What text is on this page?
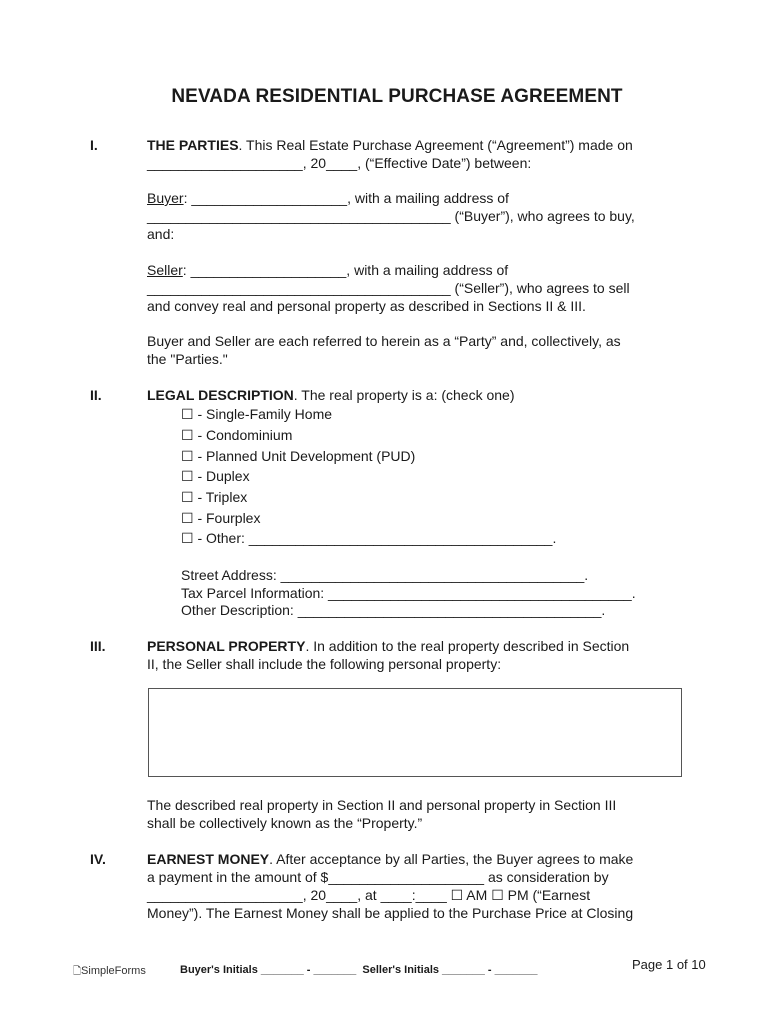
NEVADA RESIDENTIAL PURCHASE AGREEMENT
I.	THE PARTIES. This Real Estate Purchase Agreement (“Agreement”) made on
____________________, 20____, (“Effective Date”) between:
Buyer: ____________________, with a mailing address of
_______________________________________ (“Buyer”), who agrees to buy,
and:
Seller: ____________________, with a mailing address of
_______________________________________ (“Seller”), who agrees to sell
and convey real and personal property as described in Sections II & III.
Buyer and Seller are each referred to herein as a “Party” and, collectively, as
the "Parties."
II.	LEGAL DESCRIPTION. The real property is a: (check one)
☐ - Single-Family Home
☐ - Condominium
☐ - Planned Unit Development (PUD)
☐ - Duplex
☐ - Triplex
☐ - Fourplex
☐ - Other: _______________________________________.
Street Address: _______________________________________.
Tax Parcel Information: _______________________________________.
Other Description: _______________________________________.
III.	PERSONAL PROPERTY. In addition to the real property described in Section
II, the Seller shall include the following personal property:
The described real property in Section II and personal property in Section III
shall be collectively known as the “Property.”
IV.	EARNEST MONEY. After acceptance by all Parties, the Buyer agrees to make
a payment in the amount of $____________________ as consideration by
____________________, 20____, at ____:____ ☐ AM ☐ PM (“Earnest
Money”). The Earnest Money shall be applied to the Purchase Price at Closing
🗋SimpleForms	Buyer's Initials _______ - _______  Seller's Initials _______ - _______	Page 1 of 10
